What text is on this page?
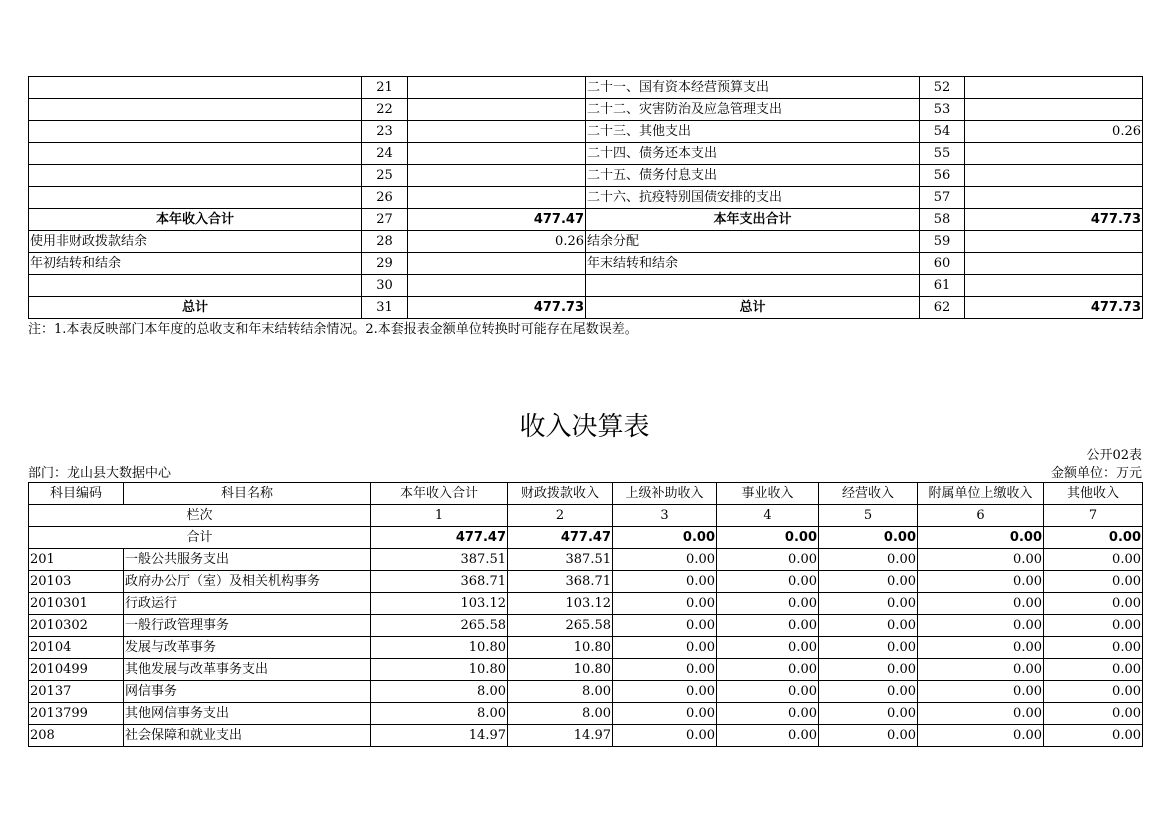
	21		二十一、国有资本经营预算支出	52	
	22		二十二、灾害防治及应急管理支出	53	
	23		二十三、其他支出	54	0.26
	24		二十四、债务还本支出	55	
	25		二十五、债务付息支出	56	
	26		二十六、抗疫特别国债安排的支出	57	
本年收入合计	27	477.47	本年支出合计	58	477.73
使用非财政拨款结余	28	0.26	结余分配	59	
年初结转和结余	29		年末结转和结余	60	
	30			61	
总计	31	477.73	总计	62	477.73
注：1.本表反映部门本年度的总收支和年末结转结余情况。2.本套报表金额单位转换时可能存在尾数误差。
收入决算表
公开02表
部门：龙山县大数据中心	金额单位：万元
科目编码	科目名称	本年收入合计	财政拨款收入	上级补助收入	事业收入	经营收入	附属单位上缴收入	其他收入
栏次		1	2	3	4	5	6	7
合计		477.47	477.47	0.00	0.00	0.00	0.00	0.00
201	一般公共服务支出	387.51	387.51	0.00	0.00	0.00	0.00	0.00
20103	政府办公厅（室）及相关机构事务	368.71	368.71	0.00	0.00	0.00	0.00	0.00
2010301	行政运行	103.12	103.12	0.00	0.00	0.00	0.00	0.00
2010302	一般行政管理事务	265.58	265.58	0.00	0.00	0.00	0.00	0.00
20104	发展与改革事务	10.80	10.80	0.00	0.00	0.00	0.00	0.00
2010499	其他发展与改革事务支出	10.80	10.80	0.00	0.00	0.00	0.00	0.00
20137	网信事务	8.00	8.00	0.00	0.00	0.00	0.00	0.00
2013799	其他网信事务支出	8.00	8.00	0.00	0.00	0.00	0.00	0.00
208	社会保障和就业支出	14.97	14.97	0.00	0.00	0.00	0.00	0.00
